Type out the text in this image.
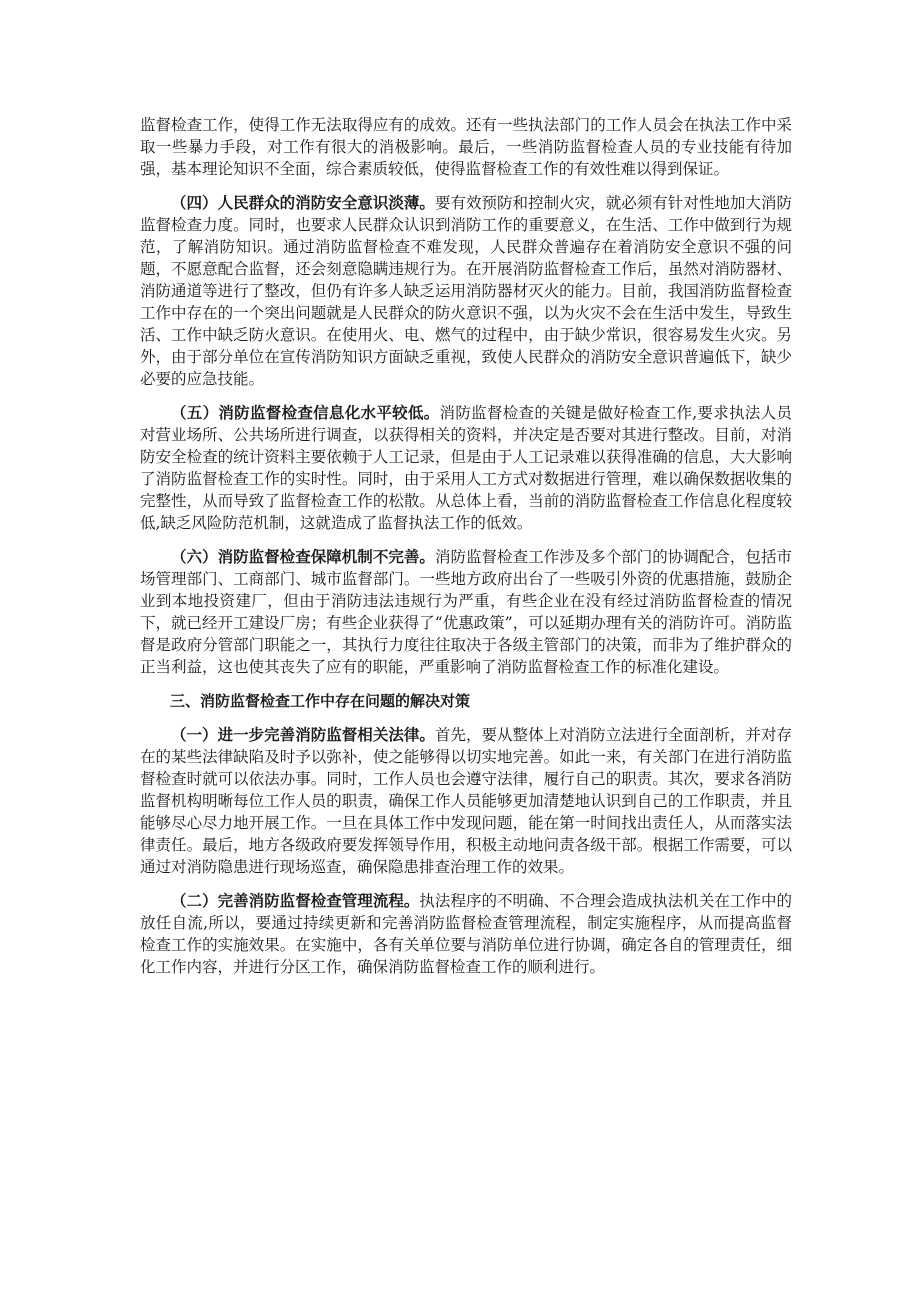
监督检查工作，使得工作无法取得应有的成效。还有一些执法部门的工作人员会在执法工作中采取一些暴力手段，对工作有很大的消极影响。最后，一些消防监督检查人员的专业技能有待加强，基本理论知识不全面，综合素质较低，使得监督检查工作的有效性难以得到保证。

（四）人民群众的消防安全意识淡薄。要有效预防和控制火灾，就必须有针对性地加大消防监督检查力度。同时，也要求人民群众认识到消防工作的重要意义，在生活、工作中做到行为规范，了解消防知识。通过消防监督检查不难发现，人民群众普遍存在着消防安全意识不强的问题，不愿意配合监督，还会刻意隐瞒违规行为。在开展消防监督检查工作后，虽然对消防器材、消防通道等进行了整改，但仍有许多人缺乏运用消防器材灭火的能力。目前，我国消防监督检查工作中存在的一个突出问题就是人民群众的防火意识不强，以为火灾不会在生活中发生，导致生活、工作中缺乏防火意识。在使用火、电、燃气的过程中，由于缺少常识，很容易发生火灾。另外，由于部分单位在宣传消防知识方面缺乏重视，致使人民群众的消防安全意识普遍低下，缺少必要的应急技能。

（五）消防监督检查信息化水平较低。消防监督检查的关键是做好检查工作,要求执法人员对营业场所、公共场所进行调查，以获得相关的资料，并决定是否要对其进行整改。目前，对消防安全检查的统计资料主要依赖于人工记录，但是由于人工记录难以获得准确的信息，大大影响了消防监督检查工作的实时性。同时，由于采用人工方式对数据进行管理，难以确保数据收集的完整性，从而导致了监督检查工作的松散。从总体上看，当前的消防监督检查工作信息化程度较低,缺乏风险防范机制，这就造成了监督执法工作的低效。

（六）消防监督检查保障机制不完善。消防监督检查工作涉及多个部门的协调配合，包括市场管理部门、工商部门、城市监督部门。一些地方政府出台了一些吸引外资的优惠措施，鼓励企业到本地投资建厂，但由于消防违法违规行为严重，有些企业在没有经过消防监督检查的情况下，就已经开工建设厂房；有些企业获得了“优惠政策”，可以延期办理有关的消防许可。消防监督是政府分管部门职能之一，其执行力度往往取决于各级主管部门的决策，而非为了维护群众的正当利益，这也使其丧失了应有的职能，严重影响了消防监督检查工作的标准化建设。

三、消防监督检查工作中存在问题的解决对策

（一）进一步完善消防监督相关法律。首先，要从整体上对消防立法进行全面剖析，并对存在的某些法律缺陷及时予以弥补，使之能够得以切实地完善。如此一来，有关部门在进行消防监督检查时就可以依法办事。同时，工作人员也会遵守法律，履行自己的职责。其次，要求各消防监督机构明晰每位工作人员的职责，确保工作人员能够更加清楚地认识到自己的工作职责，并且能够尽心尽力地开展工作。一旦在具体工作中发现问题，能在第一时间找出责任人，从而落实法律责任。最后，地方各级政府要发挥领导作用，积极主动地问责各级干部。根据工作需要，可以通过对消防隐患进行现场巡查，确保隐患排查治理工作的效果。

（二）完善消防监督检查管理流程。执法程序的不明确、不合理会造成执法机关在工作中的放任自流,所以，要通过持续更新和完善消防监督检查管理流程，制定实施程序，从而提高监督检查工作的实施效果。在实施中，各有关单位要与消防单位进行协调，确定各自的管理责任，细化工作内容，并进行分区工作，确保消防监督检查工作的顺利进行。
